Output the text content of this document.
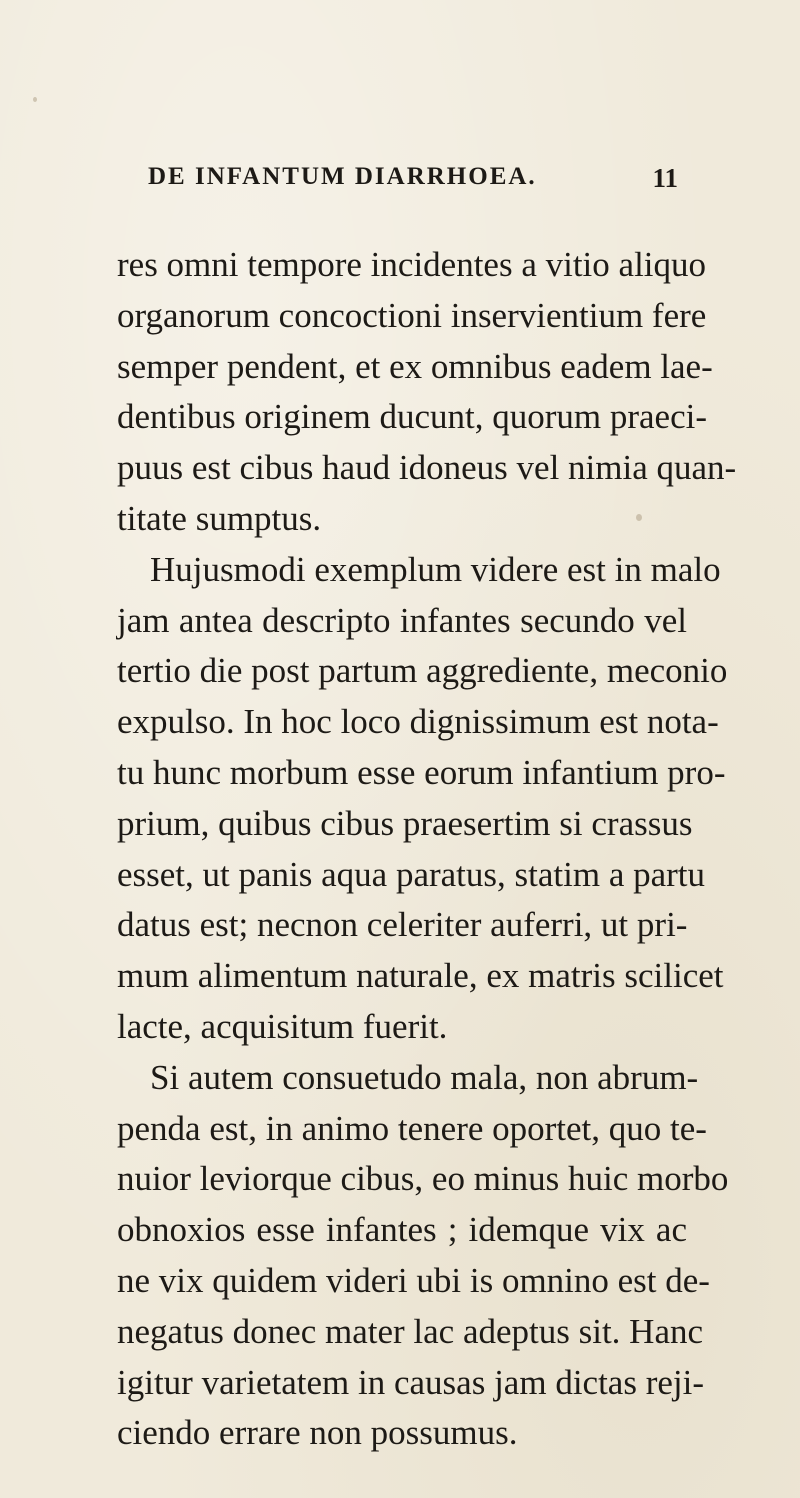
DE INFANTUM DIARRHOEA.	11
res omni tempore incidentes a vitio aliquo
organorum concoctioni inservientium fere
semper pendent, et ex omnibus eadem lae-
dentibus originem ducunt, quorum praeci-
puus est cibus haud idoneus vel nimia quan-
titate sumptus.
Hujusmodi exemplum videre est in malo
jam antea descripto infantes secundo vel
tertio die post partum aggrediente, meconio
expulso. In hoc loco dignissimum est nota-
tu hunc morbum esse eorum infantium pro-
prium, quibus cibus praesertim si crassus
esset, ut panis aqua paratus, statim a partu
datus est; necnon celeriter auferri, ut pri-
mum alimentum naturale, ex matris scilicet
lacte, acquisitum fuerit.
Si autem consuetudo mala, non abrum-
penda est, in animo tenere oportet, quo te-
nuior leviorque cibus, eo minus huic morbo
obnoxios esse infantes ; idemque vix ac
ne vix quidem videri ubi is omnino est de-
negatus donec mater lac adeptus sit. Hanc
igitur varietatem in causas jam dictas reji-
ciendo errare non possumus.
